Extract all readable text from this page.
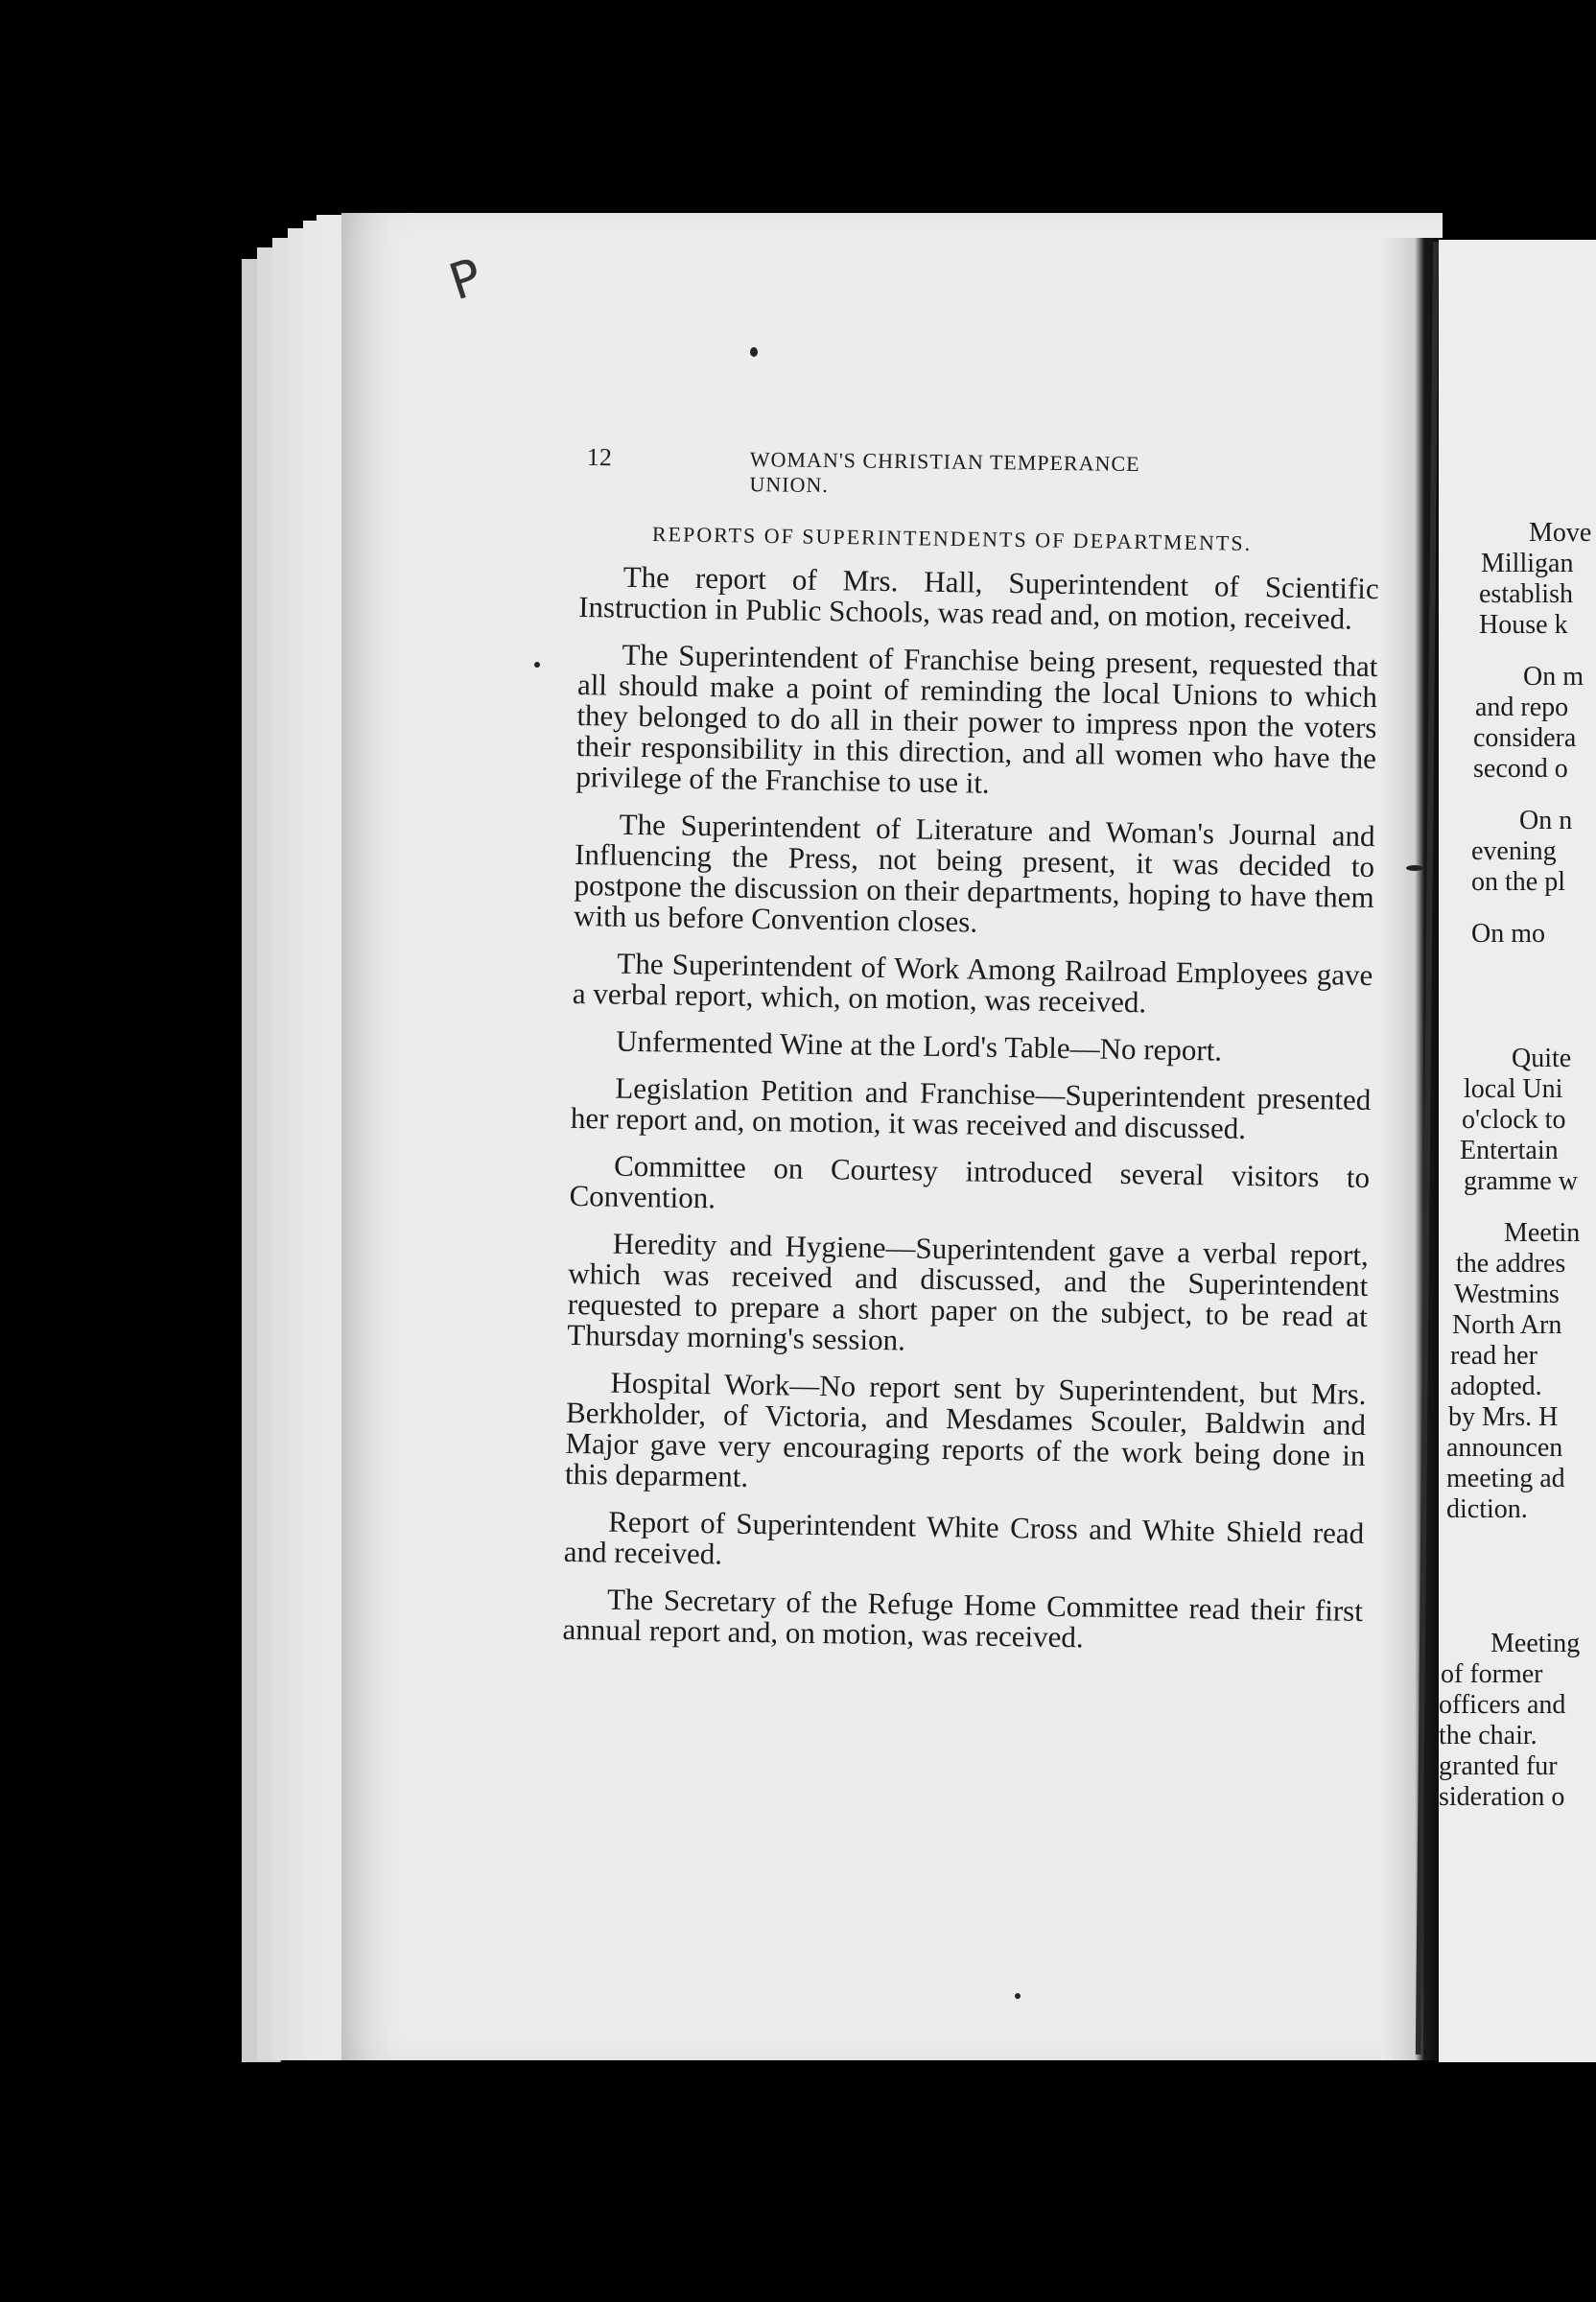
P
12	WOMAN'S CHRISTIAN TEMPERANCE UNION.
REPORTS OF SUPERINTENDENTS OF DEPARTMENTS.

The report of Mrs. Hall, Superintendent of Scientific Instruction in Public Schools, was read and, on motion, received.

The Superintendent of Franchise being present, requested that all should make a point of reminding the local Unions to which they belonged to do all in their power to impress npon the voters their responsibility in this direction, and all women who have the privilege of the Franchise to use it.

The Superintendent of Literature and Woman's Journal and Influencing the Press, not being present, it was decided to postpone the discussion on their departments, hoping to have them with us before Convention closes.

The Superintendent of Work Among Railroad Employees gave a verbal report, which, on motion, was received.

Unfermented Wine at the Lord's Table—No report.

Legislation Petition and Franchise—Superintendent presented her report and, on motion, it was received and discussed.

Committee on Courtesy introduced several visitors to Convention.

Heredity and Hygiene—Superintendent gave a verbal report, which was received and discussed, and the Superintendent requested to prepare a short paper on the subject, to be read at Thursday morning's session.

Hospital Work—No report sent by Superintendent, but Mrs. Berkholder, of Victoria, and Mesdames Scouler, Baldwin and Major gave very encouraging reports of the work being done in this deparment.

Report of Superintendent White Cross and White Shield read and received.

The Secretary of the Refuge Home Committee read their first annual report and, on motion, was received.

Move
Milligan
establish
House k
On m
and repo
considera
second o
On n
evening
on the pl
On mo
Quite
local Uni
o'clock to
Entertain
gramme w
Meetin
the addres
Westmins
North Arn
read her
adopted.
by Mrs. H
announcen
meeting ad
diction.
Meeting
of former
officers and
the chair.
granted fur
sideration o
